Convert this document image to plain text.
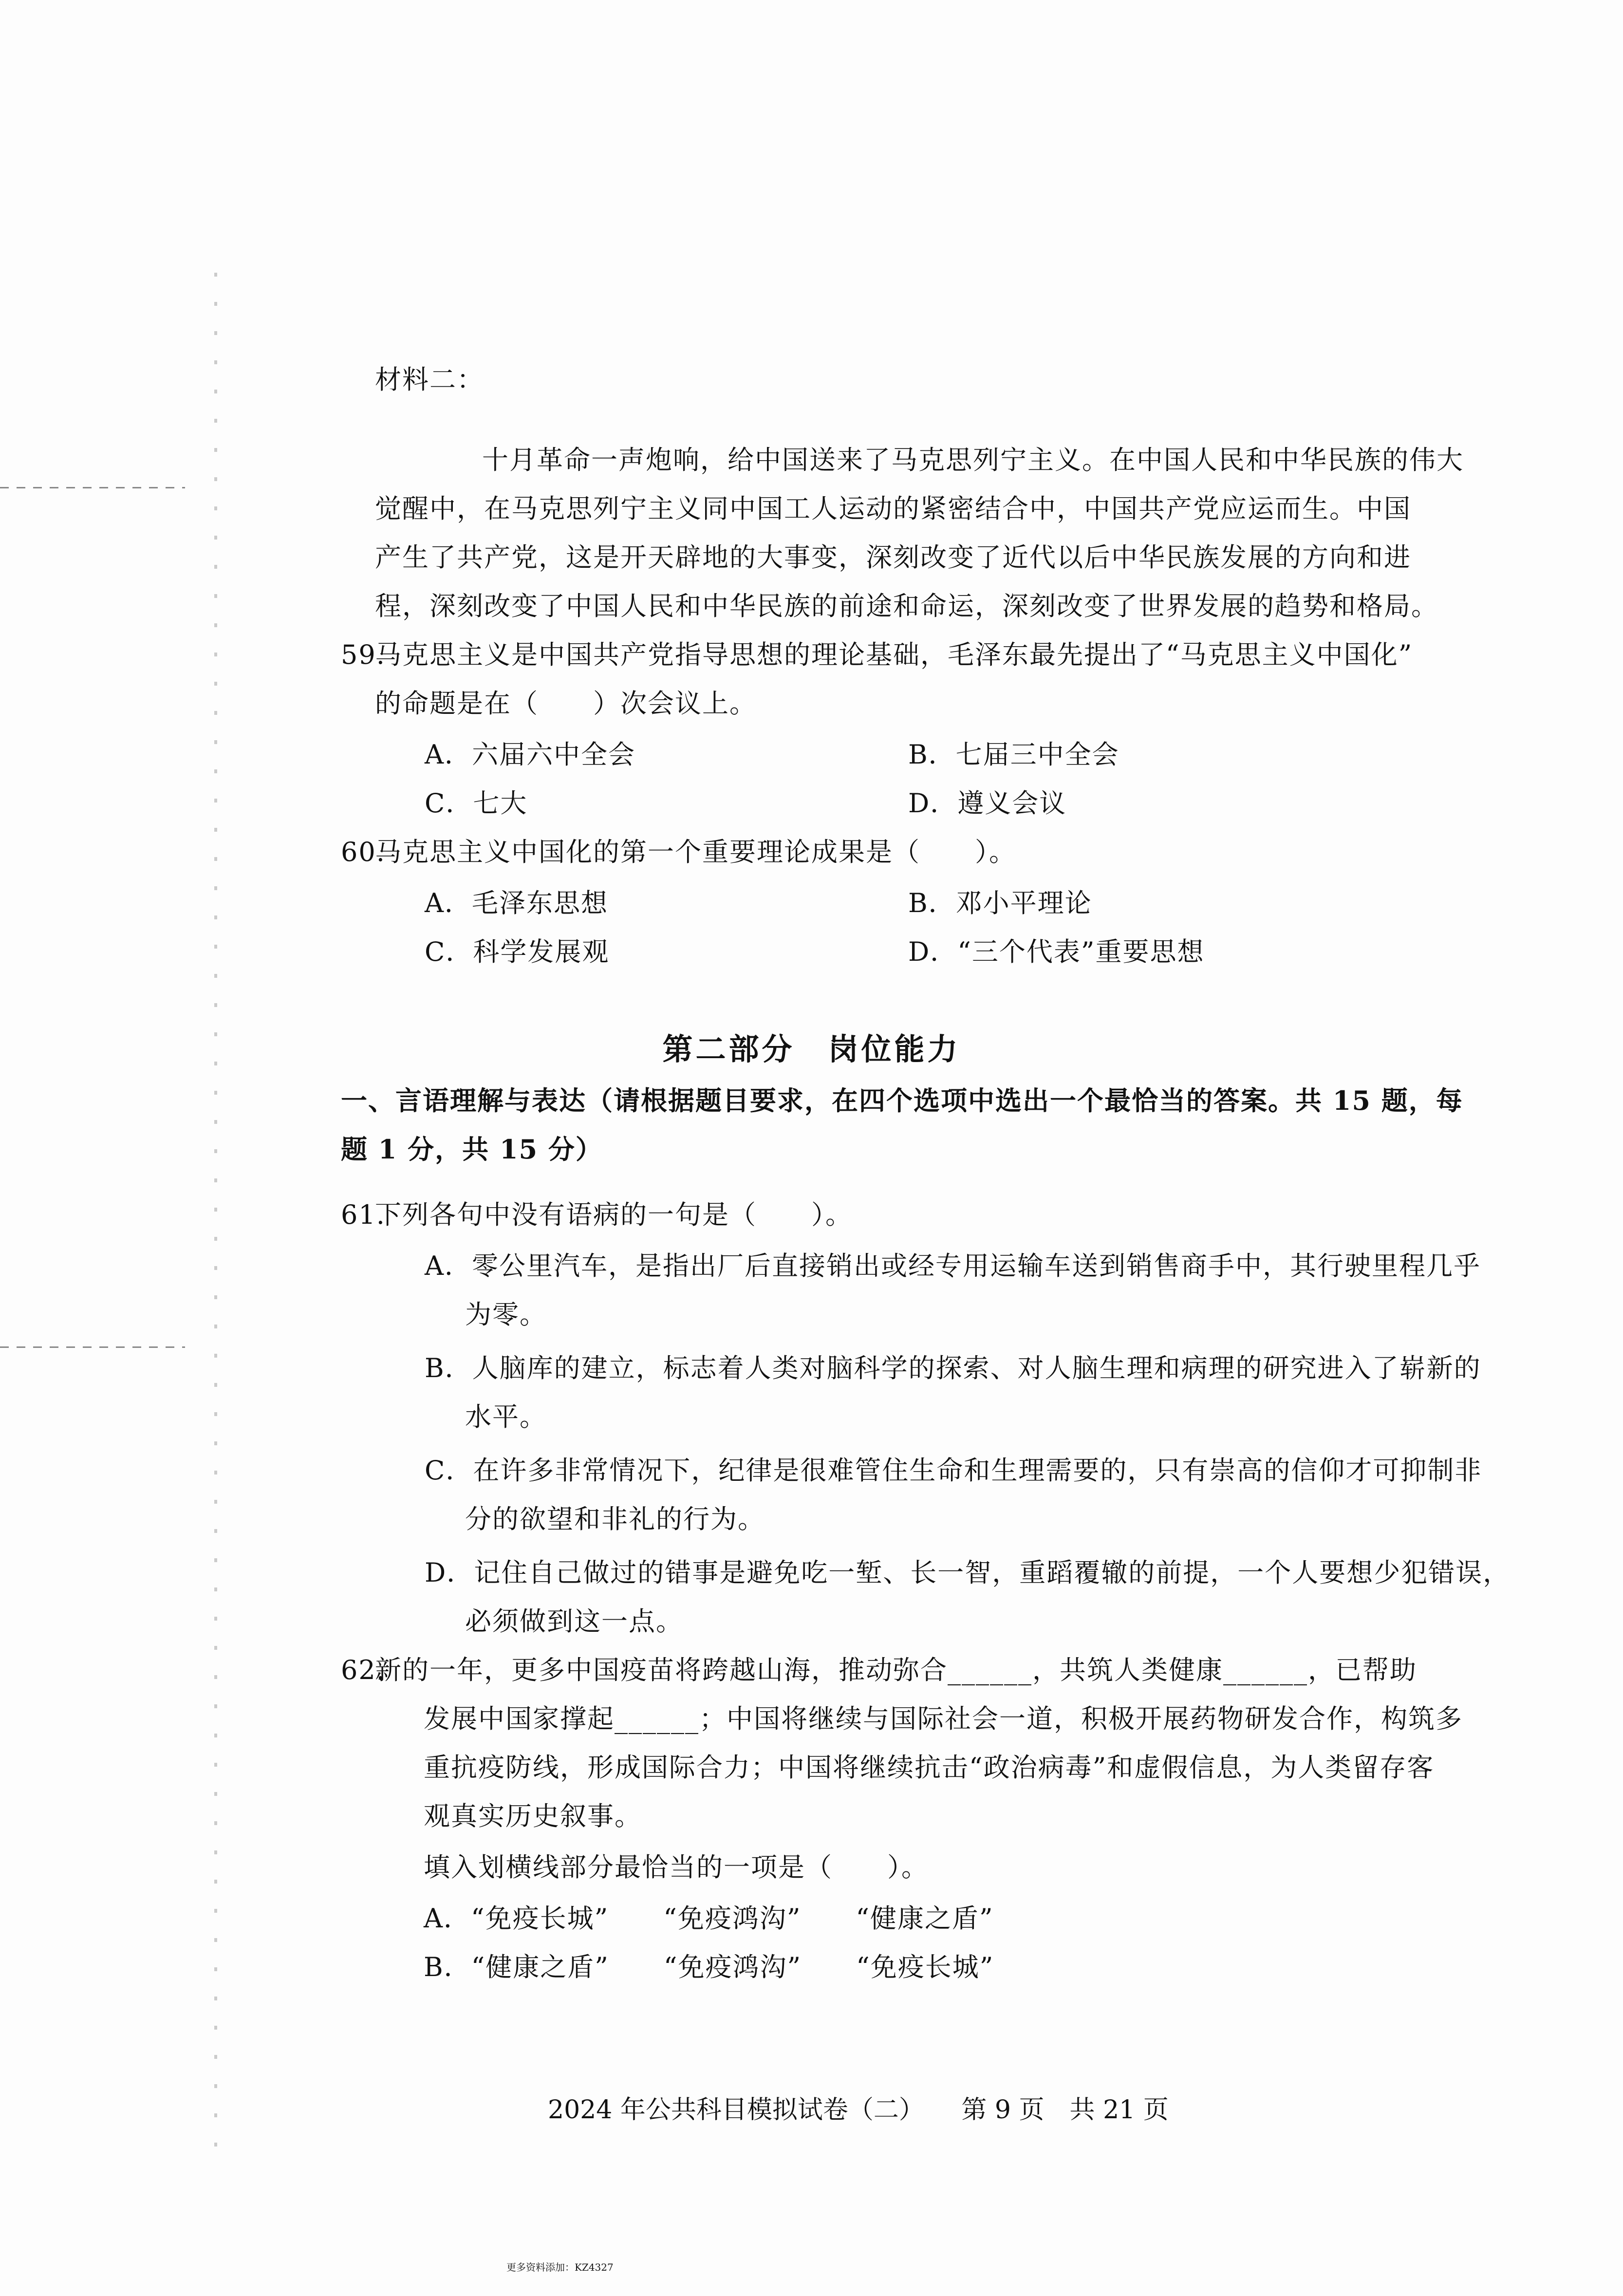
材料二：
十月革命一声炮响，给中国送来了马克思列宁主义。在中国人民和中华民族的伟大
觉醒中，在马克思列宁主义同中国工人运动的紧密结合中，中国共产党应运而生。中国
产生了共产党，这是开天辟地的大事变，深刻改变了近代以后中华民族发展的方向和进
程，深刻改变了中国人民和中华民族的前途和命运，深刻改变了世界发展的趋势和格局。
59.
马克思主义是中国共产党指导思想的理论基础，毛泽东最先提出了“马克思主义中国化”
的命题是在（　　）次会议上。
A．六届六中全会	B．七届三中全会
C．七大	D．遵义会议
60.
马克思主义中国化的第一个重要理论成果是（　　）。
A．毛泽东思想	B．邓小平理论
C．科学发展观	D．“三个代表”重要思想
第二部分　岗位能力
一、言语理解与表达（请根据题目要求，在四个选项中选出一个最恰当的答案。共 15 题，每
题 1 分，共 15 分）
61.
下列各句中没有语病的一句是（　　）。
A．零公里汽车，是指出厂后直接销出或经专用运输车送到销售商手中，其行驶里程几乎
为零。
B．人脑库的建立，标志着人类对脑科学的探索、对人脑生理和病理的研究进入了崭新的
水平。
C．在许多非常情况下，纪律是很难管住生命和生理需要的，只有崇高的信仰才可抑制非
分的欲望和非礼的行为。
D．记住自己做过的错事是避免吃一堑、长一智，重蹈覆辙的前提，一个人要想少犯错误，
必须做到这一点。
62.
新的一年，更多中国疫苗将跨越山海，推动弥合______，共筑人类健康______，已帮助
发展中国家撑起______；中国将继续与国际社会一道，积极开展药物研发合作，构筑多
重抗疫防线，形成国际合力；中国将继续抗击“政治病毒”和虚假信息，为人类留存客
观真实历史叙事。
填入划横线部分最恰当的一项是（　　）。
A．“免疫长城”　　“免疫鸿沟”　　“健康之盾”
B．“健康之盾”　　“免疫鸿沟”　　“免疫长城”
2024 年公共科目模拟试卷（二） 第 9 页　共 21 页
更多资料添加：KZ4327
